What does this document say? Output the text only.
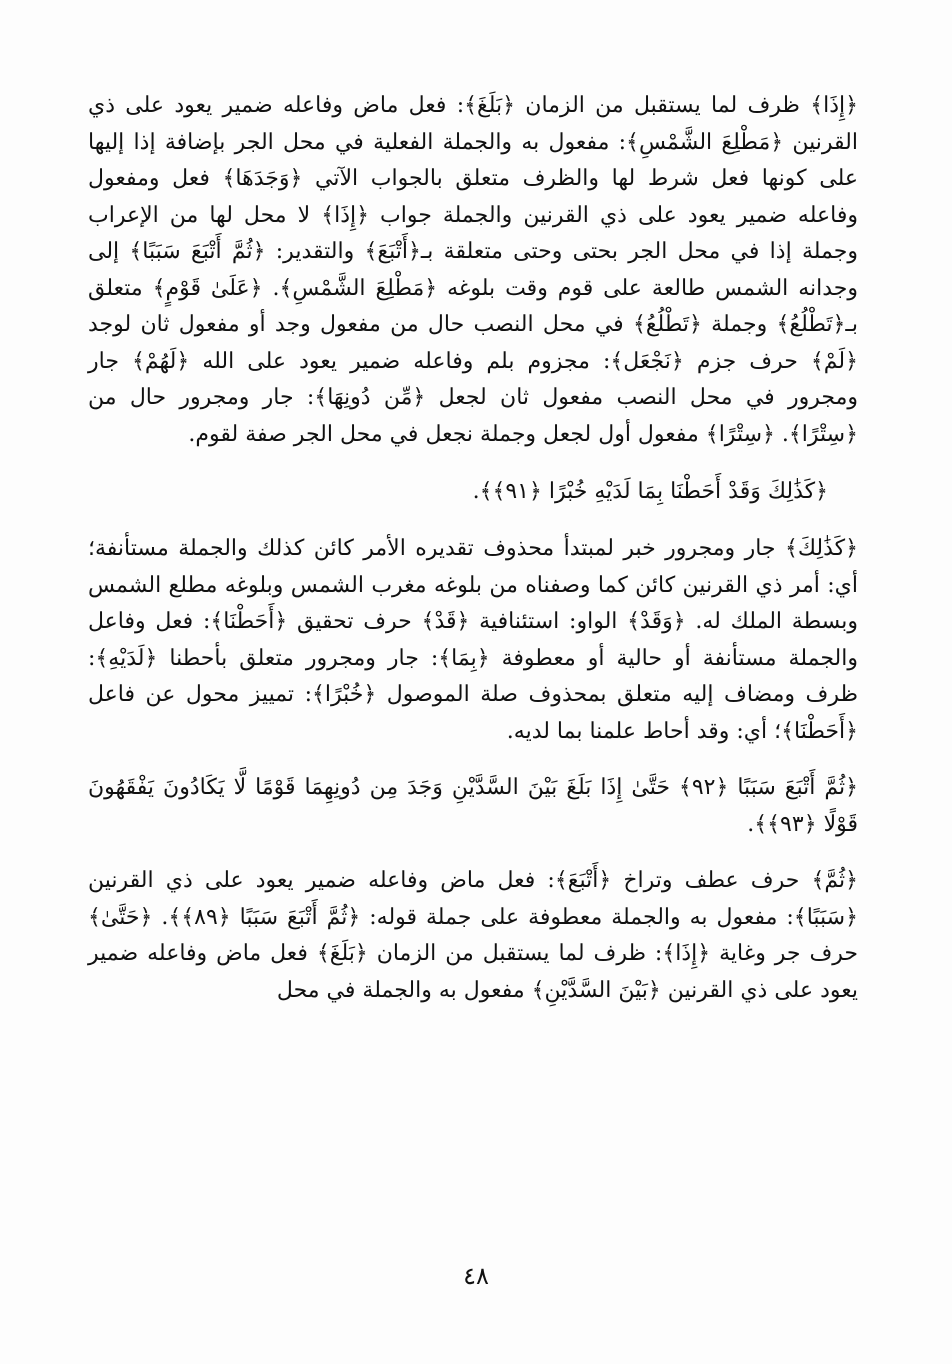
﴿إِذَا﴾ ظرف لما يستقبل من الزمان ﴿بَلَغَ﴾: فعل ماض وفاعله ضمير يعود على ذي القرنين ﴿مَطْلِعَ الشَّمْسِ﴾: مفعول به والجملة الفعلية في محل الجر بإضافة إذا إليها على كونها فعل شرط لها والظرف متعلق بالجواب الآتي ﴿وَجَدَهَا﴾ فعل ومفعول وفاعله ضمير يعود على ذي القرنين والجملة جواب ﴿إِذَا﴾ لا محل لها من الإعراب وجملة إذا في محل الجر بحتى وحتى متعلقة بـ﴿أَتْبَعَ﴾ والتقدير: ﴿ثُمَّ أَتْبَعَ سَبَبًا﴾ إلى وجدانه الشمس طالعة على قوم وقت بلوغه ﴿مَطْلِعَ الشَّمْسِ﴾. ﴿عَلَىٰ قَوْمٍ﴾ متعلق بـ﴿تَطْلُعُ﴾ وجملة ﴿تَطْلُعُ﴾ في محل النصب حال من مفعول وجد أو مفعول ثان لوجد ﴿لَمْ﴾ حرف جزم ﴿نَجْعَل﴾: مجزوم بلم وفاعله ضمير يعود على الله ﴿لَهُمْ﴾ جار ومجرور في محل النصب مفعول ثان لجعل ﴿مِّن دُونِهَا﴾: جار ومجرور حال من ﴿سِتْرًا﴾. ﴿سِتْرًا﴾ مفعول أول لجعل وجملة نجعل في محل الجر صفة لقوم.

﴿كَذَٰلِكَ وَقَدْ أَحَطْنَا بِمَا لَدَيْهِ خُبْرًا ﴿٩١﴾﴾.

﴿كَذَٰلِكَ﴾ جار ومجرور خبر لمبتدأ محذوف تقديره الأمر كائن كذلك والجملة مستأنفة؛ أي: أمر ذي القرنين كائن كما وصفناه من بلوغه مغرب الشمس وبلوغه مطلع الشمس وبسطة الملك له. ﴿وَقَدْ﴾ الواو: استئنافية ﴿قَدْ﴾ حرف تحقيق ﴿أَحَطْنَا﴾: فعل وفاعل والجملة مستأنفة أو حالية أو معطوفة ﴿بِمَا﴾: جار ومجرور متعلق بأحطنا ﴿لَدَيْهِ﴾: ظرف ومضاف إليه متعلق بمحذوف صلة الموصول ﴿خُبْرًا﴾: تمييز محول عن فاعل ﴿أَحَطْنَا﴾؛ أي: وقد أحاط علمنا بما لديه.

﴿ثُمَّ أَتْبَعَ سَبَبًا ﴿٩٢﴾ حَتَّىٰ إِذَا بَلَغَ بَيْنَ السَّدَّيْنِ وَجَدَ مِن دُونِهِمَا قَوْمًا لَّا يَكَادُونَ يَفْقَهُونَ قَوْلًا ﴿٩٣﴾﴾.

﴿ثُمَّ﴾ حرف عطف وتراخ ﴿أَتْبَعَ﴾: فعل ماض وفاعله ضمير يعود على ذي القرنين ﴿سَبَبًا﴾: مفعول به والجملة معطوفة على جملة قوله: ﴿ثُمَّ أَتْبَعَ سَبَبًا ﴿٨٩﴾﴾. ﴿حَتَّىٰ﴾ حرف جر وغاية ﴿إِذَا﴾: ظرف لما يستقبل من الزمان ﴿بَلَغَ﴾ فعل ماض وفاعله ضمير يعود على ذي القرنين ﴿بَيْنَ السَّدَّيْنِ﴾ مفعول به والجملة في محل

٤٨
